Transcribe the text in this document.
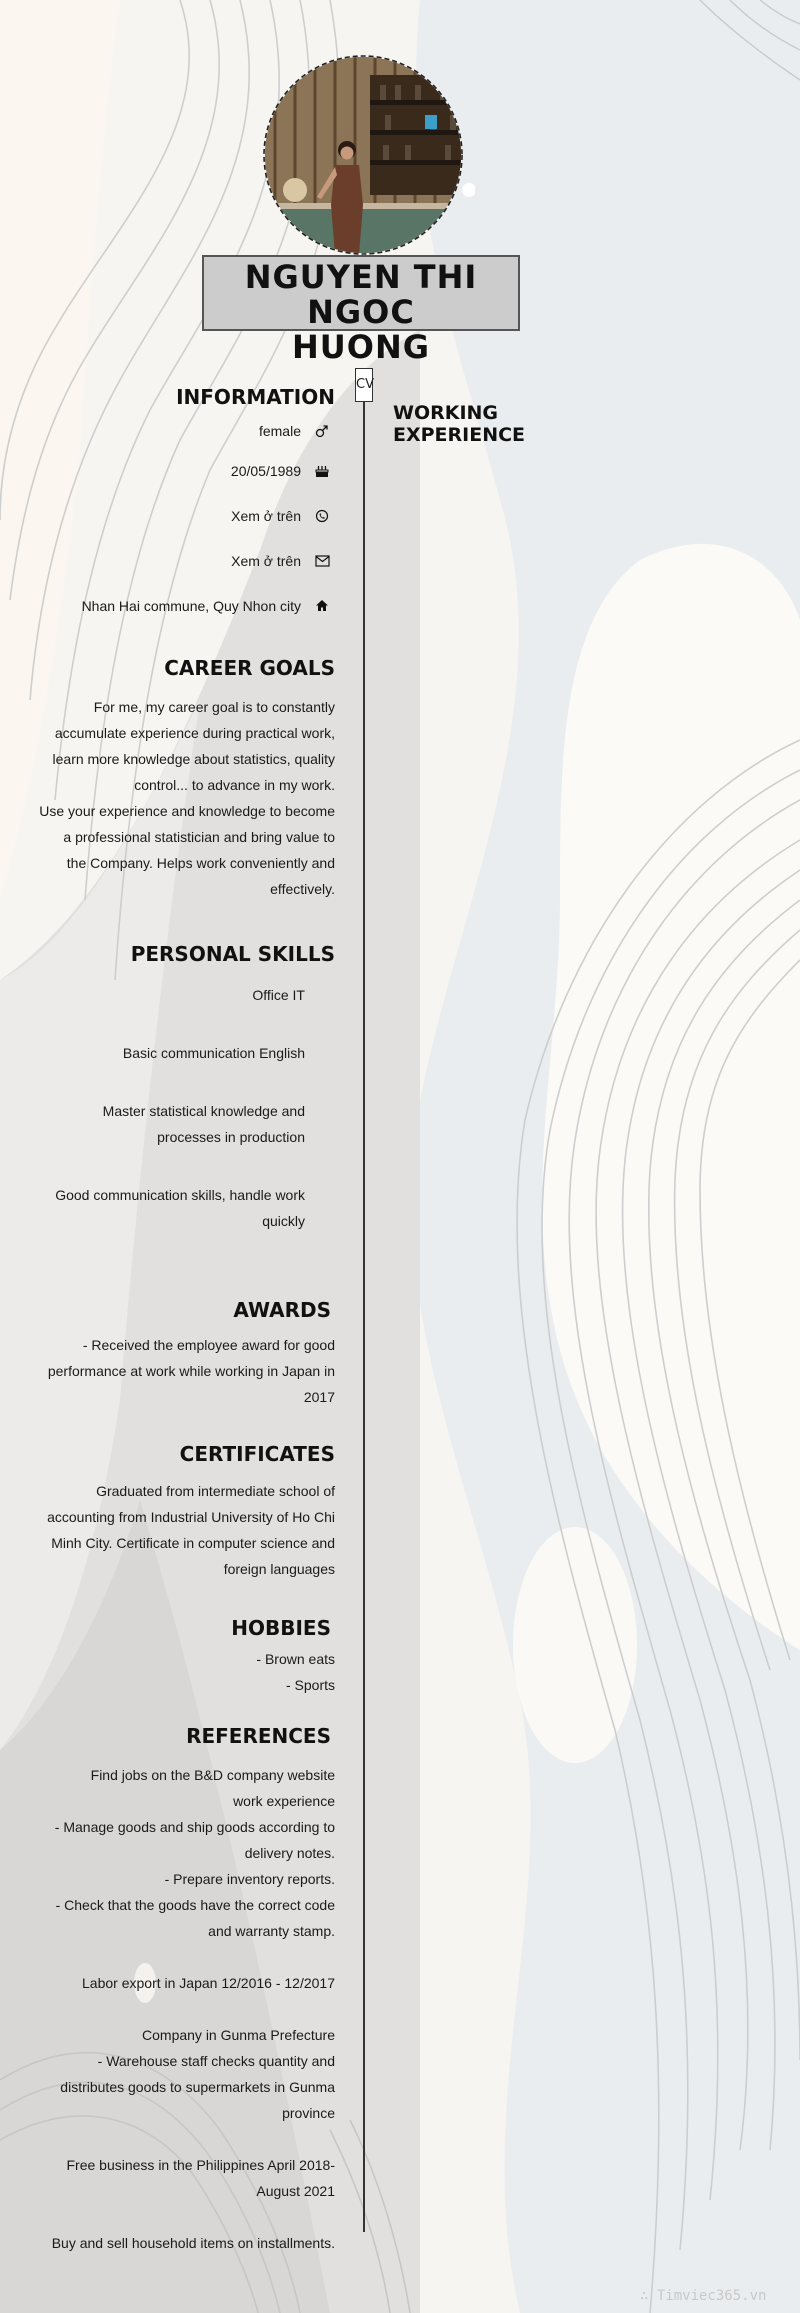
NGUYEN THI NGOC
HUONG
CV
WORKING
EXPERIENCE
INFORMATION
female
20/05/1989
Xem ở trên
Xem ở trên
Nhan Hai commune, Quy Nhon city
CAREER GOALS

For me, my career goal is to constantly

accumulate experience during practical work,

learn more knowledge about statistics, quality

control... to advance in my work.

Use your experience and knowledge to become

a professional statistician and bring value to

the Company. Helps work conveniently and

effectively.

PERSONAL SKILLS
Office IT
Basic communication English
Master statistical knowledge and
processes in production
Good communication skills, handle work
quickly
AWARDS

- Received the employee award for good

performance at work while working in Japan in

2017

CERTIFICATES

Graduated from intermediate school of

accounting from Industrial University of Ho Chi

Minh City. Certificate in computer science and

foreign languages

HOBBIES

- Brown eats

- Sports

REFERENCES

Find jobs on the B&D company website

work experience

- Manage goods and ship goods according to

delivery notes.

- Prepare inventory reports.

- Check that the goods have the correct code

and warranty stamp.

Labor export in Japan 12/2016 - 12/2017

Company in Gunma Prefecture

- Warehouse staff checks quantity and

distributes goods to supermarkets in Gunma

province

Free business in the Philippines April 2018-

August 2021

Buy and sell household items on installments.

∴ Timviec365.vn
